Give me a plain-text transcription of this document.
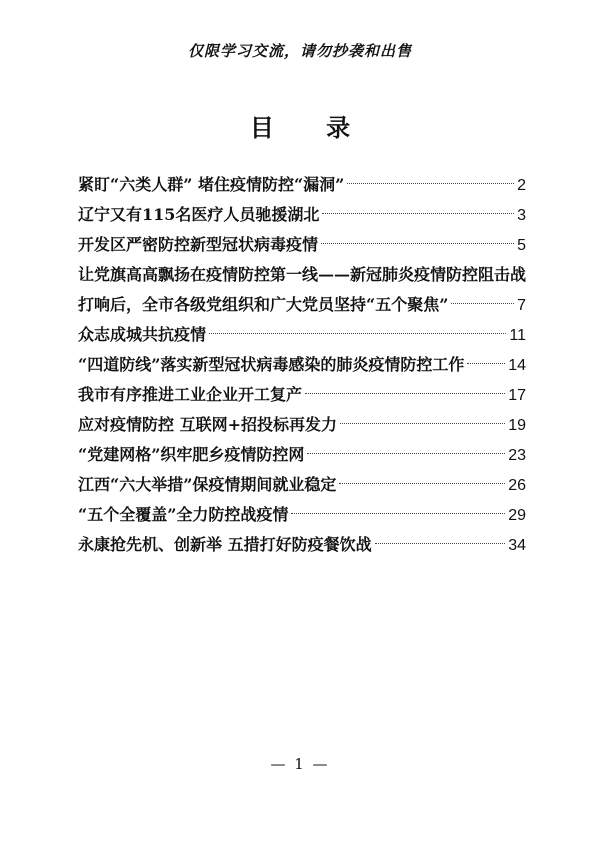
仅限学习交流，请勿抄袭和出售
目 录
紧盯“六类人群” 堵住疫情防控“漏洞”	2
辽宁又有115名医疗人员驰援湖北	3
开发区严密防控新型冠状病毒疫情	5
让党旗高高飘扬在疫情防控第一线——新冠肺炎疫情防控阻击战
打响后，全市各级党组织和广大党员坚持“五个聚焦”	7
众志成城共抗疫情	11
“四道防线”落实新型冠状病毒感染的肺炎疫情防控工作	14
我市有序推进工业企业开工复产	17
应对疫情防控 互联网+招投标再发力	19
“党建网格”织牢肥乡疫情防控网	23
江西“六大举措”保疫情期间就业稳定	26
“五个全覆盖”全力防控战疫情	29
永康抢先机、创新举 五措打好防疫餐饮战	34
— 1 —
